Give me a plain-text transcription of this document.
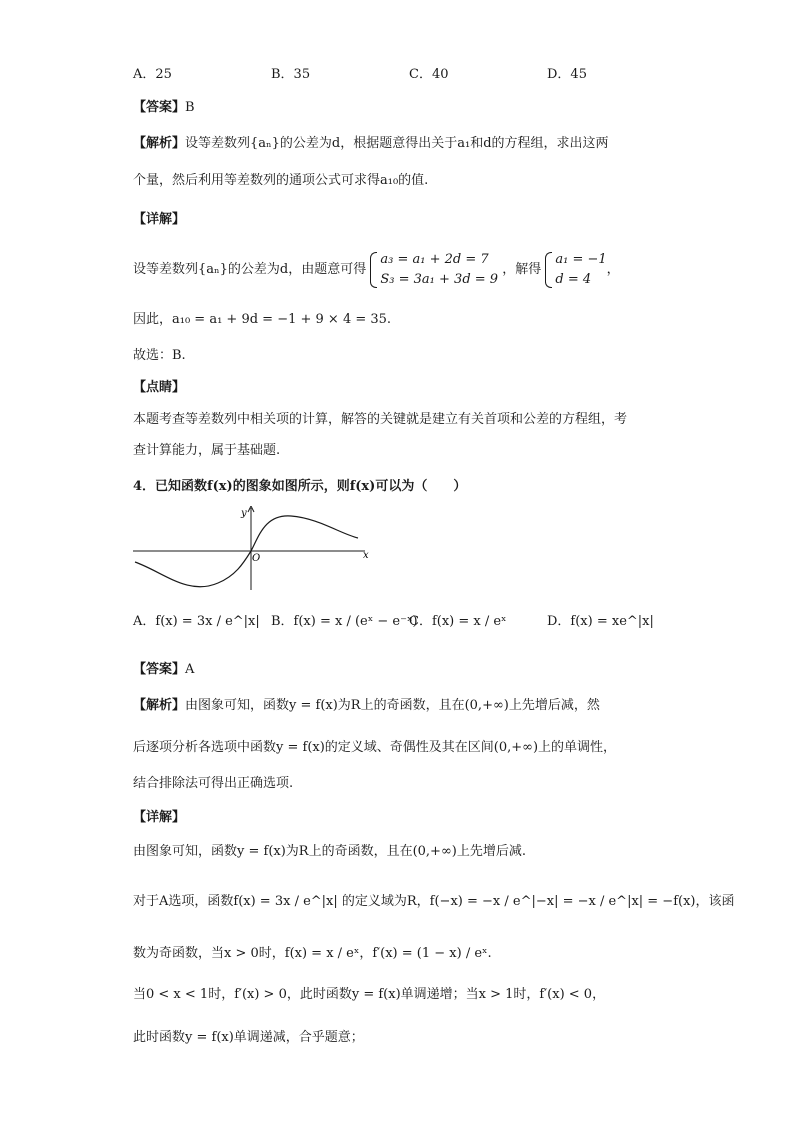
A．25	B．35	C．40	D．45
【答案】B
【解析】设等差数列{aₙ}的公差为d，根据题意得出关于a₁和d的方程组，求出这两
个量，然后利用等差数列的通项公式可求得a₁₀的值.
【详解】
设等差数列{aₙ}的公差为d，由题意可得
a₃ = a₁ + 2d = 7
S₃ = 3a₁ + 3d = 9
，解得
a₁ = −1
d = 4
，
因此，a₁₀ = a₁ + 9d = −1 + 9 × 4 = 35.
故选：B.
【点睛】
本题考查等差数列中相关项的计算，解答的关键就是建立有关首项和公差的方程组，考
查计算能力，属于基础题.
4．已知函数f(x)的图象如图所示，则f(x)可以为（　　）
y
O	x
A．f(x) = 3x / e^|x| B．f(x) = x / (eˣ − e⁻ˣ)
C．f(x) = x / eˣ	D．f(x) = xe^|x|
【答案】A
【解析】由图象可知，函数y = f(x)为R上的奇函数，且在(0,+∞)上先增后减，然
后逐项分析各选项中函数y = f(x)的定义域、奇偶性及其在区间(0,+∞)上的单调性，
结合排除法可得出正确选项.
【详解】
由图象可知，函数y = f(x)为R上的奇函数，且在(0,+∞)上先增后减.
对于A选项，函数f(x) = 3x / e^|x| 的定义域为R，f(−x) = −x / e^|−x| = −x / e^|x| = −f(x)，该函
数为奇函数，当x > 0时，f(x) = x / eˣ，f′(x) = (1 − x) / eˣ.
当0 < x < 1时，f′(x) > 0，此时函数y = f(x)单调递增；当x > 1时，f′(x) < 0，
此时函数y = f(x)单调递减，合乎题意；
